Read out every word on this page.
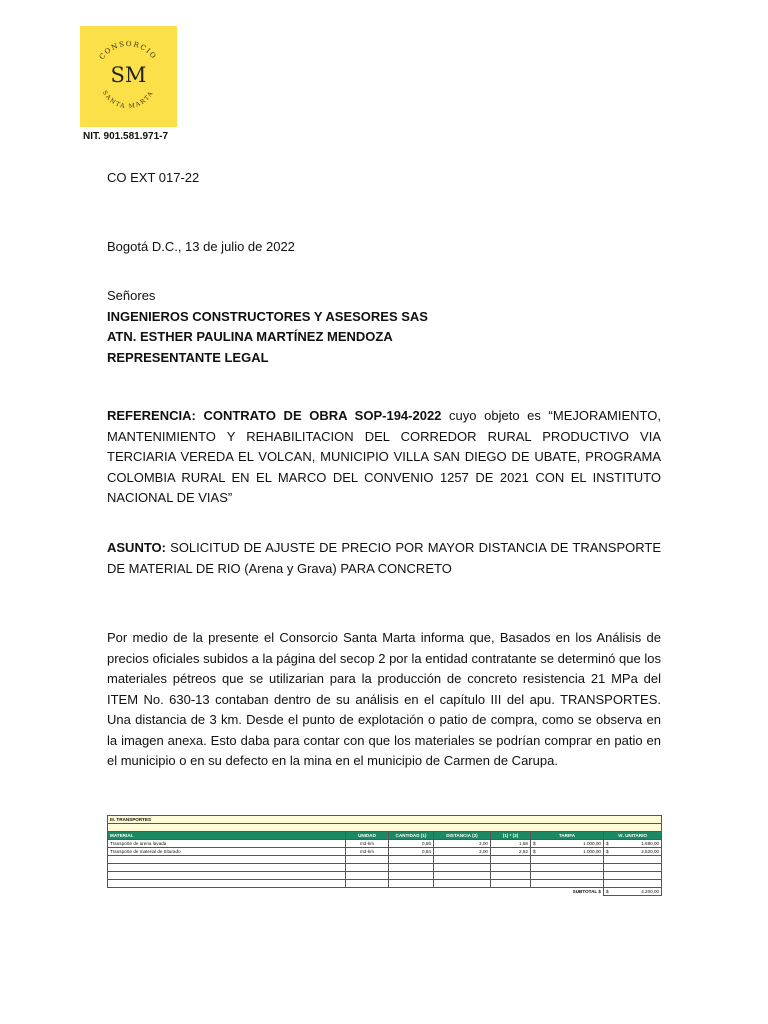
CONSORCIO
SANTA MARTA
SM
NIT. 901.581.971-7
CO EXT 017-22
Bogotá D.C., 13 de julio de 2022
Señores
INGENIEROS CONSTRUCTORES Y ASESORES SAS
ATN. ESTHER PAULINA MARTÍNEZ MENDOZA
REPRESENTANTE LEGAL
REFERENCIA: CONTRATO DE OBRA SOP-194-2022 cuyo objeto es “MEJORAMIENTO, MANTENIMIENTO Y REHABILITACION DEL CORREDOR RURAL PRODUCTIVO VIA TERCIARIA VEREDA EL VOLCAN, MUNICIPIO VILLA SAN DIEGO DE UBATE, PROGRAMA COLOMBIA RURAL EN EL MARCO DEL CONVENIO 1257 DE 2021 CON EL INSTITUTO NACIONAL DE VIAS”
ASUNTO: SOLICITUD DE AJUSTE DE PRECIO POR MAYOR DISTANCIA DE TRANSPORTE DE MATERIAL DE RIO (Arena y Grava) PARA CONCRETO
Por medio de la presente el Consorcio Santa Marta informa que, Basados en los Análisis de precios oficiales subidos a la página del secop 2 por la entidad contratante se determinó que los materiales pétreos que se utilizarian para la producción de concreto resistencia 21 MPa del ITEM No. 630-13 contaban dentro de su análisis en el capítulo III del apu. TRANSPORTES. Una distancia de 3 km. Desde el punto de explotación o patio de compra, como se observa en la imagen anexa. Esto daba para contar con que los materiales se podrían comprar en patio en el municipio o en su defecto en la mina en el municipio de Carmen de Carupa.
III. TRANSPORTES								

MATERIAL	UNIDAD	CANTIDAD (1)	DISTANCIA (2)	(1) * (2)	TARIFA		Vr. UNITARIO	
Transporte de arena lavada	m3-km	0,56	3,00	1,68	$	1.000,00	$	1.680,00
Transporte de material de triturado	m3-km	0,84	3,00	2,52	$	1.000,00	$	2.520,00

SUBTOTAL $							$	4.200,00
